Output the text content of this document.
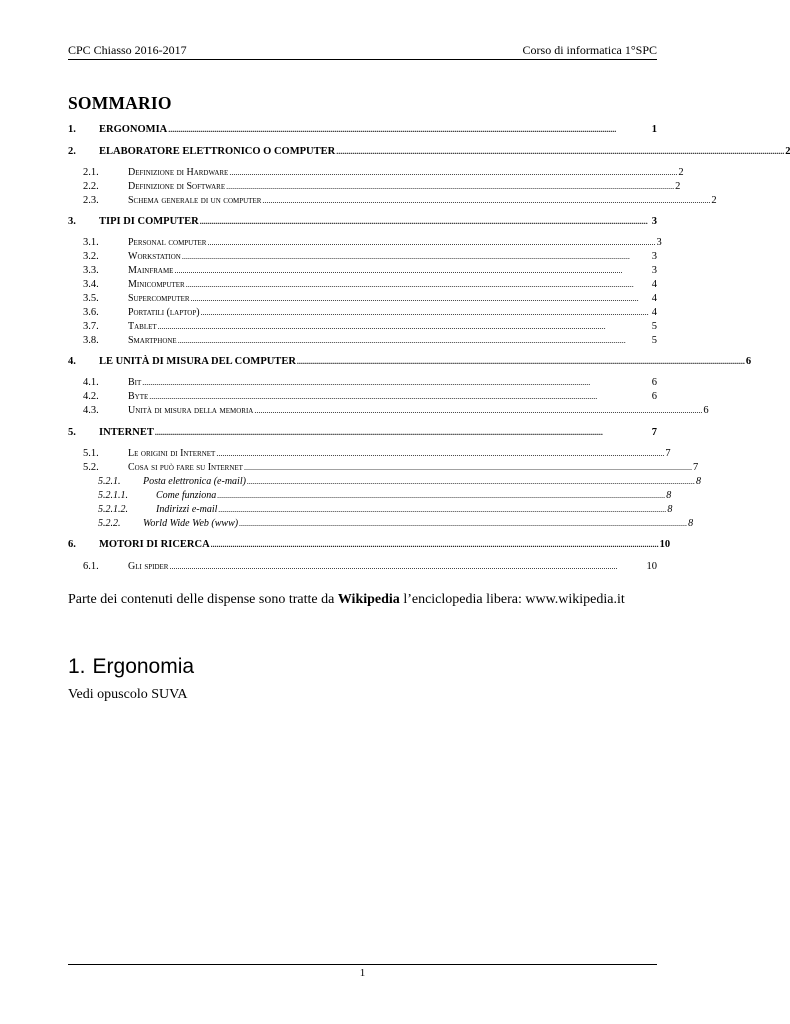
CPC Chiasso 2016-2017	Corso di informatica 1°SPC
SOMMARIO
1.	ERGONOMIA ................................................................................................................................................................................................................................	1
2.	ELABORATORE ELETTRONICO O COMPUTER ................................................................................................................................................................................................................................ 2
2.1.	Definizione di Hardware ................................................................................................................................................................................................................................ 2
2.2.	Definizione di Software ................................................................................................................................................................................................................................ 2
2.3.	Schema generale di un computer ................................................................................................................................................................................................................................ 2
3.	TIPI DI COMPUTER ................................................................................................................................................................................................................................ 3
3.1.	Personal computer ................................................................................................................................................................................................................................ 3
3.2.	Workstation ................................................................................................................................................................................................................................	3
3.3.	Mainframe ................................................................................................................................................................................................................................	3
3.4.	Minicomputer ................................................................................................................................................................................................................................	4
3.5.	Supercomputer ................................................................................................................................................................................................................................	4
3.6.	Portatili (laptop) ................................................................................................................................................................................................................................ 4
3.7.	Tablet ................................................................................................................................................................................................................................	5
3.8.	Smartphone ................................................................................................................................................................................................................................	5
4.	LE UNITÀ DI MISURA DEL COMPUTER ................................................................................................................................................................................................................................ 6
4.1.	Bit ................................................................................................................................................................................................................................	6
4.2.	Byte ................................................................................................................................................................................................................................	6
4.3.	Unità di misura della memoria ................................................................................................................................................................................................................................ 6
5.	INTERNET ................................................................................................................................................................................................................................	7
5.1.	Le origini di Internet ................................................................................................................................................................................................................................ 7
5.2.	Cosa si può fare su Internet ................................................................................................................................................................................................................................ 7
5.2.1.	Posta elettronica (e-mail) ................................................................................................................................................................................................................................ 8
5.2.1.1.	Come funziona ................................................................................................................................................................................................................................ 8
5.2.1.2.	Indirizzi e-mail ................................................................................................................................................................................................................................ 8
5.2.2.	World Wide Web (www) ................................................................................................................................................................................................................................ 8
6.	MOTORI DI RICERCA ................................................................................................................................................................................................................................ 10
6.1.	Gli spider ................................................................................................................................................................................................................................	10
Parte dei contenuti delle dispense sono tratte da Wikipedia l’enciclopedia libera: www.wikipedia.it
1. Ergonomia
Vedi opuscolo SUVA
1
